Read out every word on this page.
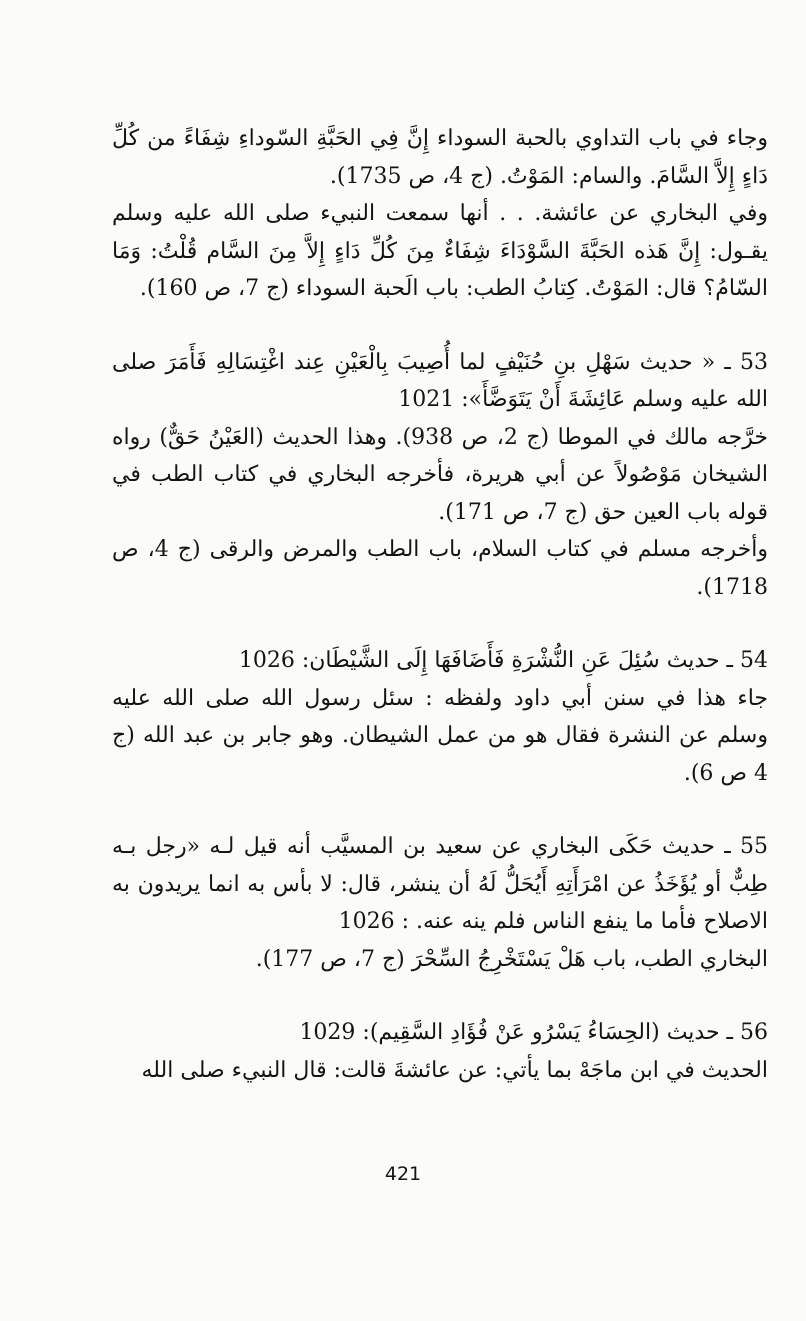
وجاء في باب التداوي بالحبة السوداء إِنَّ فِي الحَبَّةِ السّوداءِ شِفَاءً من كُلِّ دَاءٍ إِلاَّ السَّامَ. والسام: المَوْتُ. (ج 4، ص 1735).

وفي البخاري عن عائشة. . . أنها سمعت النبيء صلى الله عليه وسلم يقـول: إِنَّ هَذه الحَبَّةَ السَّوْدَاءَ شِفَاءٌ مِنَ كُلِّ دَاءٍ إِلاَّ مِنَ السَّام قُلْتُ: وَمَا السّامُ؟ قال: المَوْتُ. كِتابُ الطب: باب الَحبة السوداء (ج 7، ص 160).

53 ـ « حديث سَهْلِ بنِ حُنَيْفٍ لما أُصِيبَ بِالْعَيْنِ عِند اغْتِسَالِهِ فَأَمَرَ صلى الله عليه وسلم عَائِشَةَ أَنْ يَتَوَضَّأَ»: 1021

خرَّجه مالك في الموطا (ج 2، ص 938). وهذا الحديث (العَيْنُ حَقٌّ) رواه الشيخان مَوْصُولاً عن أبي هريرة، فأخرجه البخاري في كتاب الطب في قوله باب العين حق (ج 7، ص 171).

وأخرجه مسلم في كتاب السلام، باب الطب والمرض والرقى (ج 4، ص 1718).

54 ـ حديث سُئِلَ عَنِ النُّشْرَةِ فَأَضَافَهَا إِلَى الشَّيْطَان: 1026

جاء هذا في سنن أبي داود ولفظه : سئل رسول الله صلى الله عليه وسلم عن النشرة فقال هو من عمل الشيطان. وهو جابر بن عبد الله (ج 4 ص 6).

55 ـ حديث حَكَى البخاري عن سعيد بن المسيَّب أنه قيل لـه «رجل بـه طِبٌّ أو يُؤَخَذُ عن امْرَأَتِهِ أَيُحَلُّ لَهُ أن ينشر، قال: لا بأس به انما يريدون به الاصلاح فأما ما ينفع الناس فلم ينه عنه. : 1026

البخاري الطب، باب هَلْ يَسْتَخْرِجُ السِّحْرَ (ج 7، ص 177).

56 ـ حديث (الحِسَاءُ يَسْرُو عَنْ فُؤَادِ السَّقِيم): 1029

الحديث في ابن ماجَهْ بما يأتي: عن عائشةَ قالت: قال النبيء صلى الله

421
